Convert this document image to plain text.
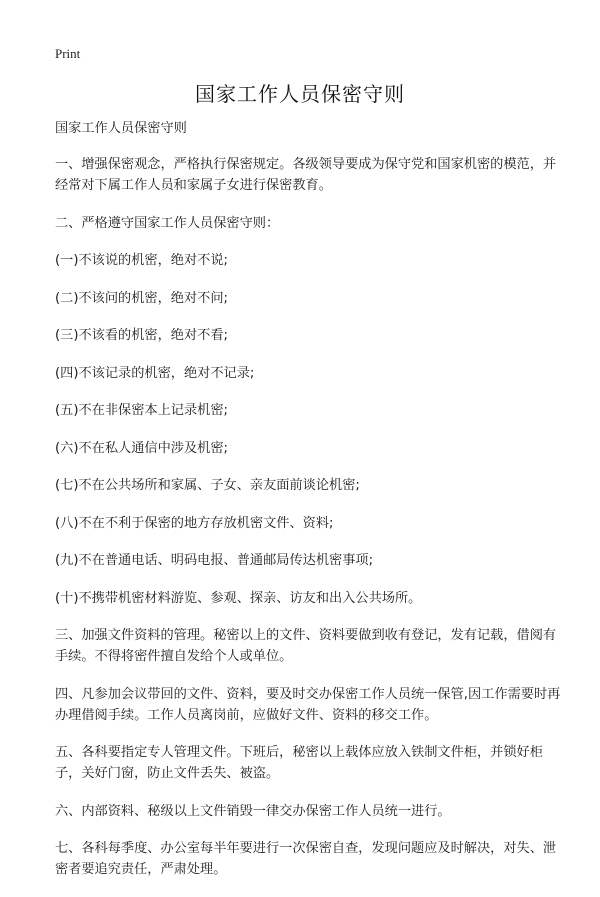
Print
国家工作人员保密守则

国家工作人员保密守则

一、增强保密观念，严格执行保密规定。各级领导要成为保守党和国家机密的模范，并经常对下属工作人员和家属子女进行保密教育。

二、严格遵守国家工作人员保密守则：

(一)不该说的机密，绝对不说;

(二)不该问的机密，绝对不问;

(三)不该看的机密，绝对不看;

(四)不该记录的机密，绝对不记录;

(五)不在非保密本上记录机密;

(六)不在私人通信中涉及机密;

(七)不在公共场所和家属、子女、亲友面前谈论机密;

(八)不在不利于保密的地方存放机密文件、资料;

(九)不在普通电话、明码电报、普通邮局传达机密事项;

(十)不携带机密材料游览、参观、探亲、访友和出入公共场所。

三、加强文件资料的管理。秘密以上的文件、资料要做到收有登记，发有记载，借阅有手续。不得将密件擅自发给个人或单位。

四、凡参加会议带回的文件、资料，要及时交办保密工作人员统一保管,因工作需要时再办理借阅手续。工作人员离岗前，应做好文件、资料的移交工作。

五、各科要指定专人管理文件。下班后，秘密以上载体应放入铁制文件柜，并锁好柜子，关好门窗，防止文件丢失、被盗。

六、内部资料、秘级以上文件销毁一律交办保密工作人员统一进行。

七、各科每季度、办公室每半年要进行一次保密自查，发现问题应及时解决，对失、泄密者要追究责任，严肃处理。
